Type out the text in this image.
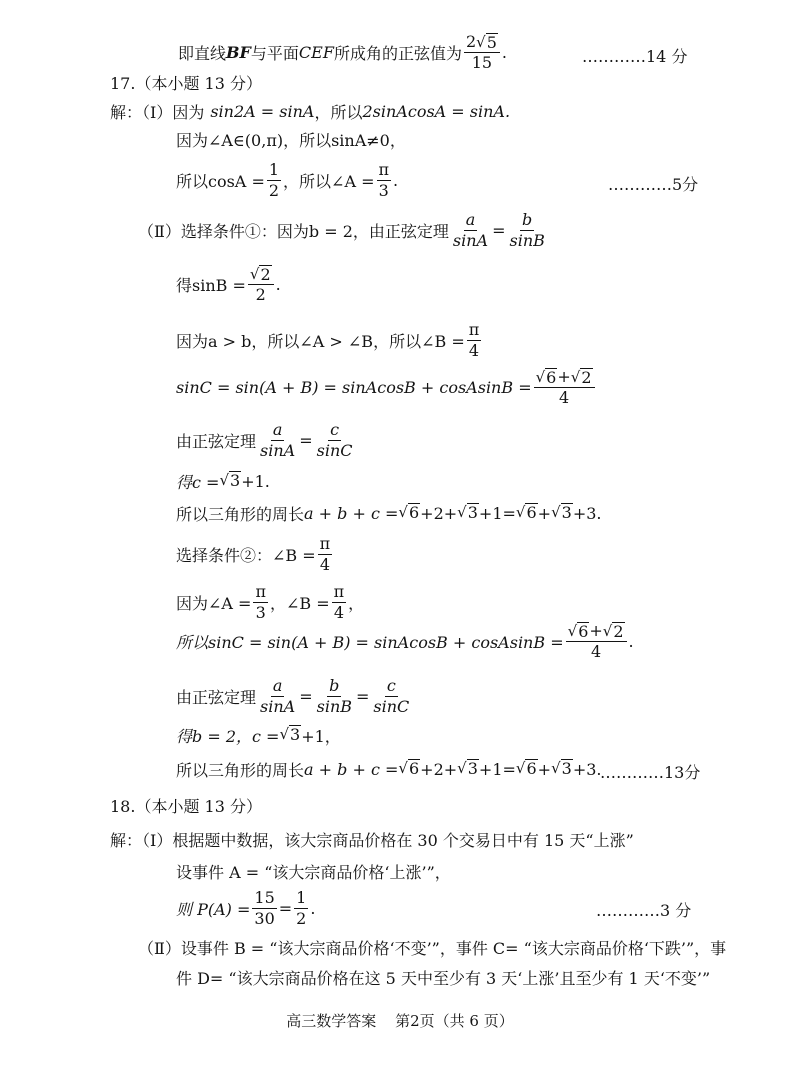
即直线 BF 与平面 CEF 所成角的正弦值为 $\frac{2 √ 5}{15}$ .	…………14 分
17.（本小题 13 分）
解：（Ⅰ）因为 sin2A = sinA ，所以 2sinAcosA = sinA.
因为∠A∈(0,π)，所以sinA≠0，
所以$\cos A = \frac{1}{2}$ ，所以∠A = $\frac{\pi}{3}$ .	…………5分
（Ⅱ）选择条件①：因为b = 2，由正弦定理 $\frac{a}{\sin A} = \frac{b}{\sin B}$
得$\sin B = \frac{√ 2}{2}$ .
因为a > b，所以∠A > ∠B，所以∠B = $\frac{\pi}{4}$
sinC = sin(A + B) = sinAcosB + cosAsinB = $\frac{√ 6 + √ 2}{4}$
由正弦定理 $\frac{a}{\sin A} = \frac{c}{\sin C}$
得c = √ 3 +1.
所以三角形的周长 a + b + c = √ 6 +2+ √ 3 +1= √ 6 + √ 3 +3.
选择条件②：∠B = $\frac{\pi}{4}$
因为∠A = $\frac{\pi}{3}$ ，∠B = $\frac{\pi}{4}$ ，
所以sinC = sin(A + B) = sinAcosB + cosAsinB = $\frac{√ 6 + √ 2}{4}$ .
由正弦定理 $\frac{a}{\sin A} = \frac{b}{\sin B} = \frac{c}{\sin C}$
得b = 2，c = √ 3 +1，
所以三角形的周长 a + b + c = √ 6 +2+ √ 3 +1= √ 6 + √ 3 +3.
…………13分
18.（本小题 13 分）
解：（Ⅰ）根据题中数据，该大宗商品价格在 30 个交易日中有 15 天“上涨”
设事件 A = “该大宗商品价格‘上涨’”，
则 $P(A) = \frac{15}{30} = \frac{1}{2}$ .	…………3 分
（Ⅱ）设事件 B = “该大宗商品价格‘不变’”，事件 C= “该大宗商品价格‘下跌’”，事
件 D= “该大宗商品价格在这 5 天中至少有 3 天‘上涨’且至少有 1 天‘不变’”
高三数学答案 第2页（共 6 页）
